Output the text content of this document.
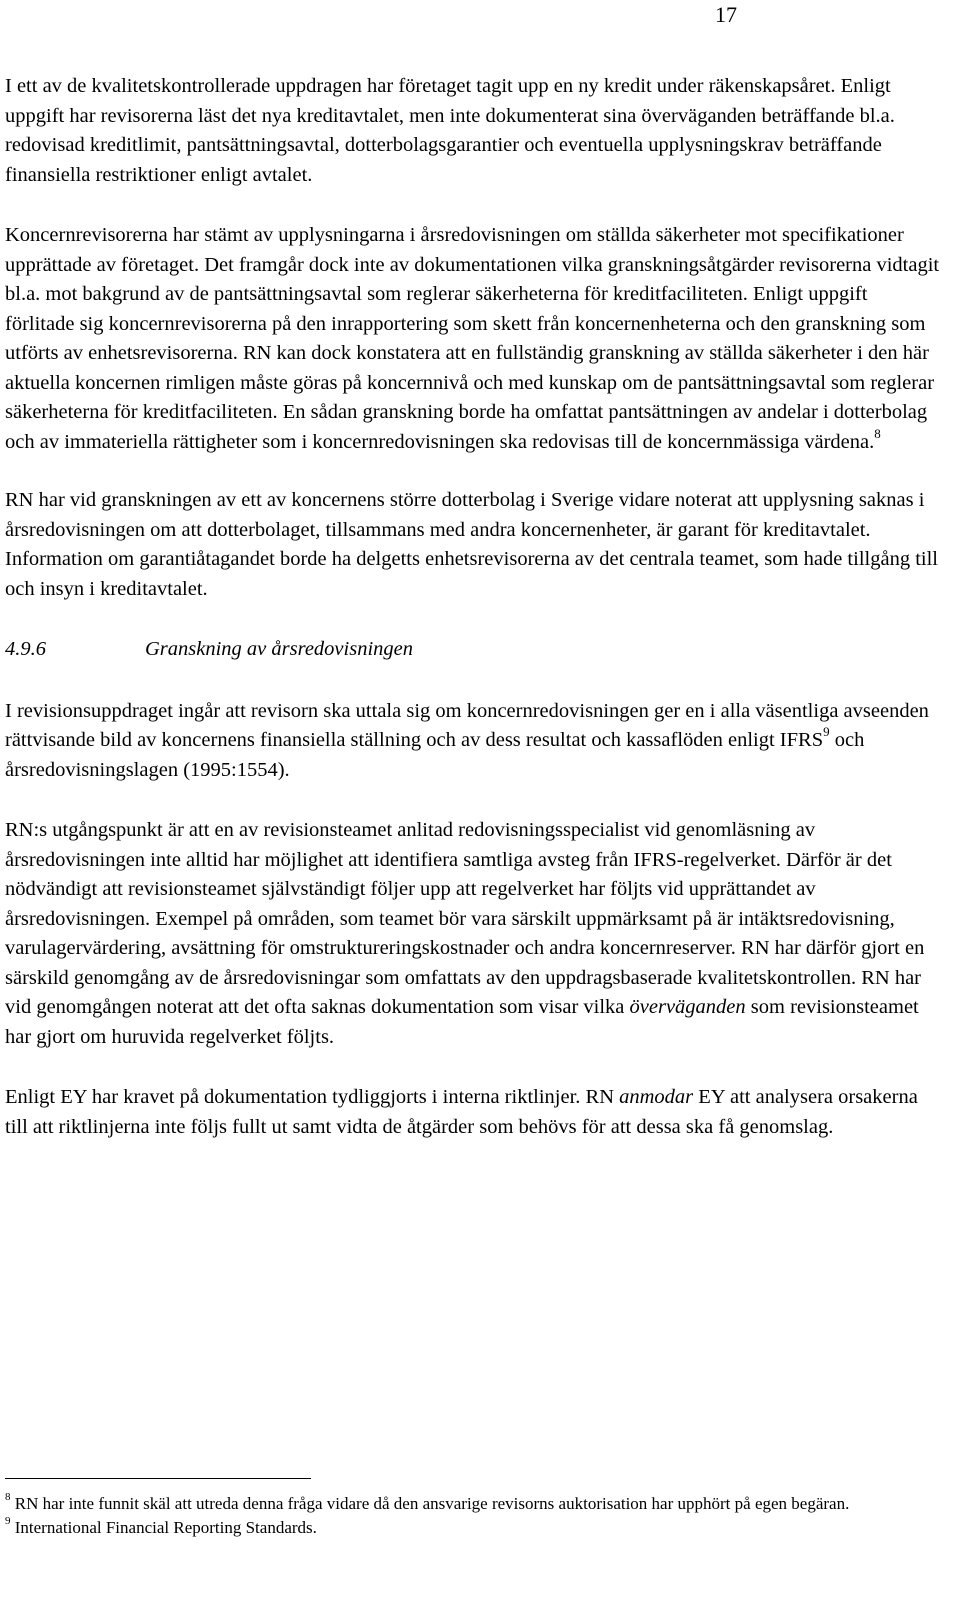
17

I ett av de kvalitetskontrollerade uppdragen har företaget tagit upp en ny kredit under räkenskapsåret. Enligt uppgift har revisorerna läst det nya kreditavtalet, men inte dokumenterat sina överväganden beträffande bl.a. redovisad kreditlimit, pantsättningsavtal, dotterbolagsgarantier och eventuella upplysningskrav beträffande finansiella restriktioner enligt avtalet.

Koncernrevisorerna har stämt av upplysningarna i årsredovisningen om ställda säkerheter mot specifikationer upprättade av företaget. Det framgår dock inte av dokumentationen vilka granskningsåtgärder revisorerna vidtagit bl.a. mot bakgrund av de pantsättningsavtal som reglerar säkerheterna för kreditfaciliteten. Enligt uppgift förlitade sig koncernrevisorerna på den inrapportering som skett från koncernenheterna och den granskning som utförts av enhetsrevisorerna. RN kan dock konstatera att en fullständig granskning av ställda säkerheter i den här aktuella koncernen rimligen måste göras på koncernnivå och med kunskap om de pantsättningsavtal som reglerar säkerheterna för kreditfaciliteten. En sådan granskning borde ha omfattat pantsättningen av andelar i dotterbolag och av immateriella rättigheter som i koncernredovisningen ska redovisas till de koncernmässiga värdena.$^8$

RN har vid granskningen av ett av koncernens större dotterbolag i Sverige vidare noterat att upplysning saknas i årsredovisningen om att dotterbolaget, tillsammans med andra koncernenheter, är garant för kreditavtalet. Information om garantiåtagandet borde ha delgetts enhetsrevisorerna av det centrala teamet, som hade tillgång till och insyn i kreditavtalet.

4.9.6	Granskning av årsredovisningen

I revisionsuppdraget ingår att revisorn ska uttala sig om koncernredovisningen ger en i alla väsentliga avseenden rättvisande bild av koncernens finansiella ställning och av dess resultat och kassaflöden enligt IFRS$^9$ och årsredovisningslagen (1995:1554).

RN:s utgångspunkt är att en av revisionsteamet anlitad redovisningsspecialist vid genomläsning av årsredovisningen inte alltid har möjlighet att identifiera samtliga avsteg från IFRS-regelverket. Därför är det nödvändigt att revisionsteamet självständigt följer upp att regelverket har följts vid upprättandet av årsredovisningen. Exempel på områden, som teamet bör vara särskilt uppmärksamt på är intäktsredovisning, varulagervärdering, avsättning för omstruktureringskostnader och andra koncernreserver. RN har därför gjort en särskild genomgång av de årsredovisningar som omfattats av den uppdragsbaserade kvalitetskontrollen. RN har vid genomgången noterat att det ofta saknas dokumentation som visar vilka överväganden som revisionsteamet har gjort om huruvida regelverket följts.

Enligt EY har kravet på dokumentation tydliggjorts i interna riktlinjer. RN anmodar EY att analysera orsakerna till att riktlinjerna inte följs fullt ut samt vidta de åtgärder som behövs för att dessa ska få genomslag.

$^8$ RN har inte funnit skäl att utreda denna fråga vidare då den ansvarige revisorns auktorisation har upphört på egen begäran.
$^9$ International Financial Reporting Standards.
